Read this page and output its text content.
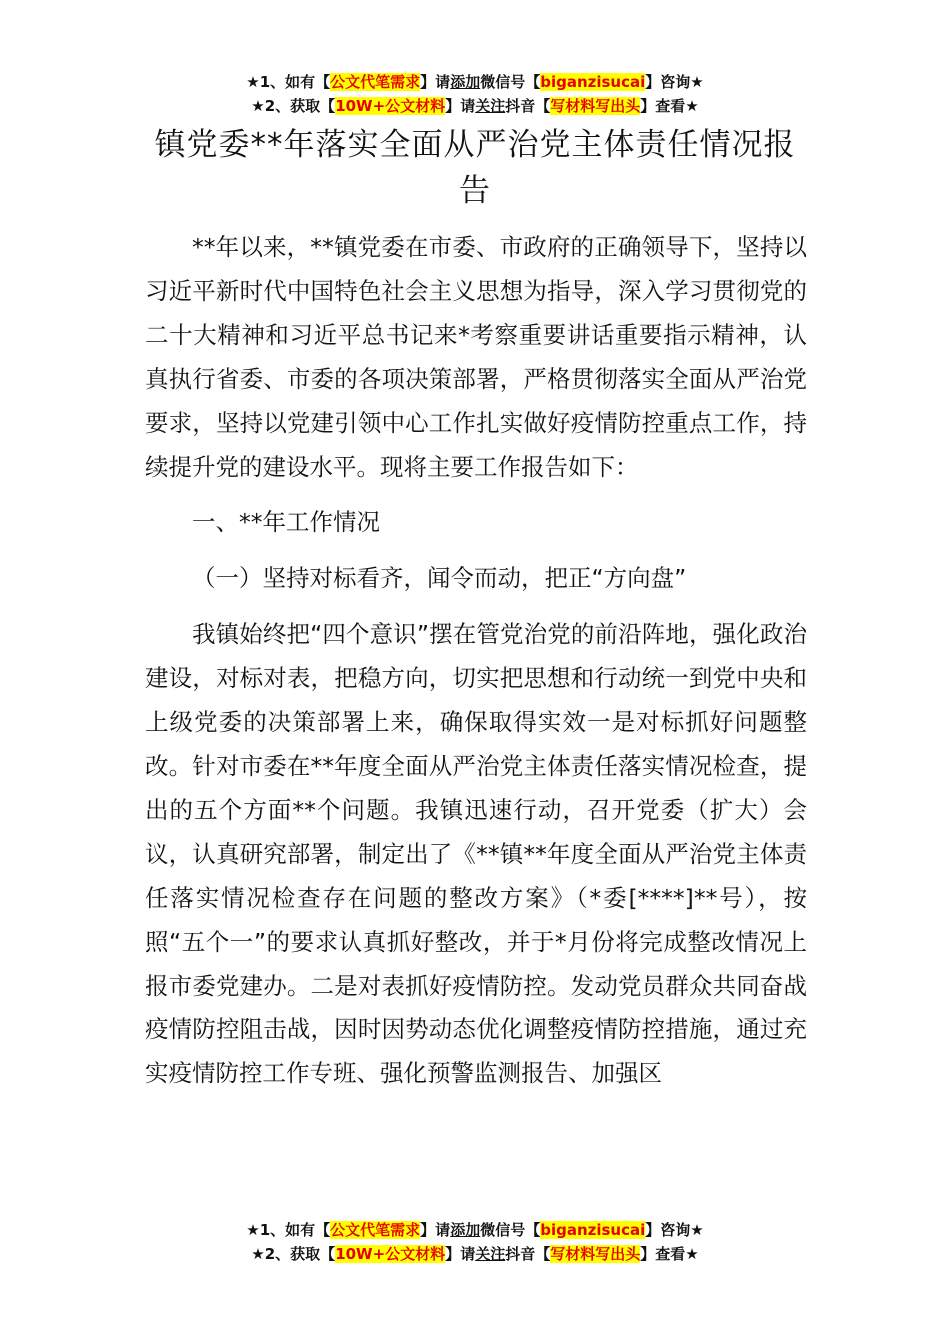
★1、如有【公文代笔需求】请添加微信号【biganzisucai】咨询★
★2、获取【10W+公文材料】请关注抖音【写材料写出头】查看★
镇党委**年落实全面从严治党主体责任情况报告

**年以来，**镇党委在市委、市政府的正确领导下，坚持以习近平新时代中国特色社会主义思想为指导，深入学习贯彻党的二十大精神和习近平总书记来*考察重要讲话重要指示精神，认真执行省委、市委的各项决策部署，严格贯彻落实全面从严治党要求，坚持以党建引领中心工作扎实做好疫情防控重点工作，持续提升党的建设水平。现将主要工作报告如下：

一、**年工作情况

（一）坚持对标看齐，闻令而动，把正“方向盘”

我镇始终把“四个意识”摆在管党治党的前沿阵地，强化政治建设，对标对表，把稳方向，切实把思想和行动统一到党中央和上级党委的决策部署上来，确保取得实效一是对标抓好问题整改。针对市委在**年度全面从严治党主体责任落实情况检查，提出的五个方面**个问题。我镇迅速行动，召开党委（扩大）会议，认真研究部署，制定出了《**镇**年度全面从严治党主体责任落实情况检查存在问题的整改方案》（*委[****]**号），按照“五个一”的要求认真抓好整改，并于*月份将完成整改情况上报市委党建办。二是对表抓好疫情防控。发动党员群众共同奋战疫情防控阻击战，因时因势动态优化调整疫情防控措施，通过充实疫情防控工作专班、强化预警监测报告、加强区

★1、如有【公文代笔需求】请添加微信号【biganzisucai】咨询★
★2、获取【10W+公文材料】请关注抖音【写材料写出头】查看★
